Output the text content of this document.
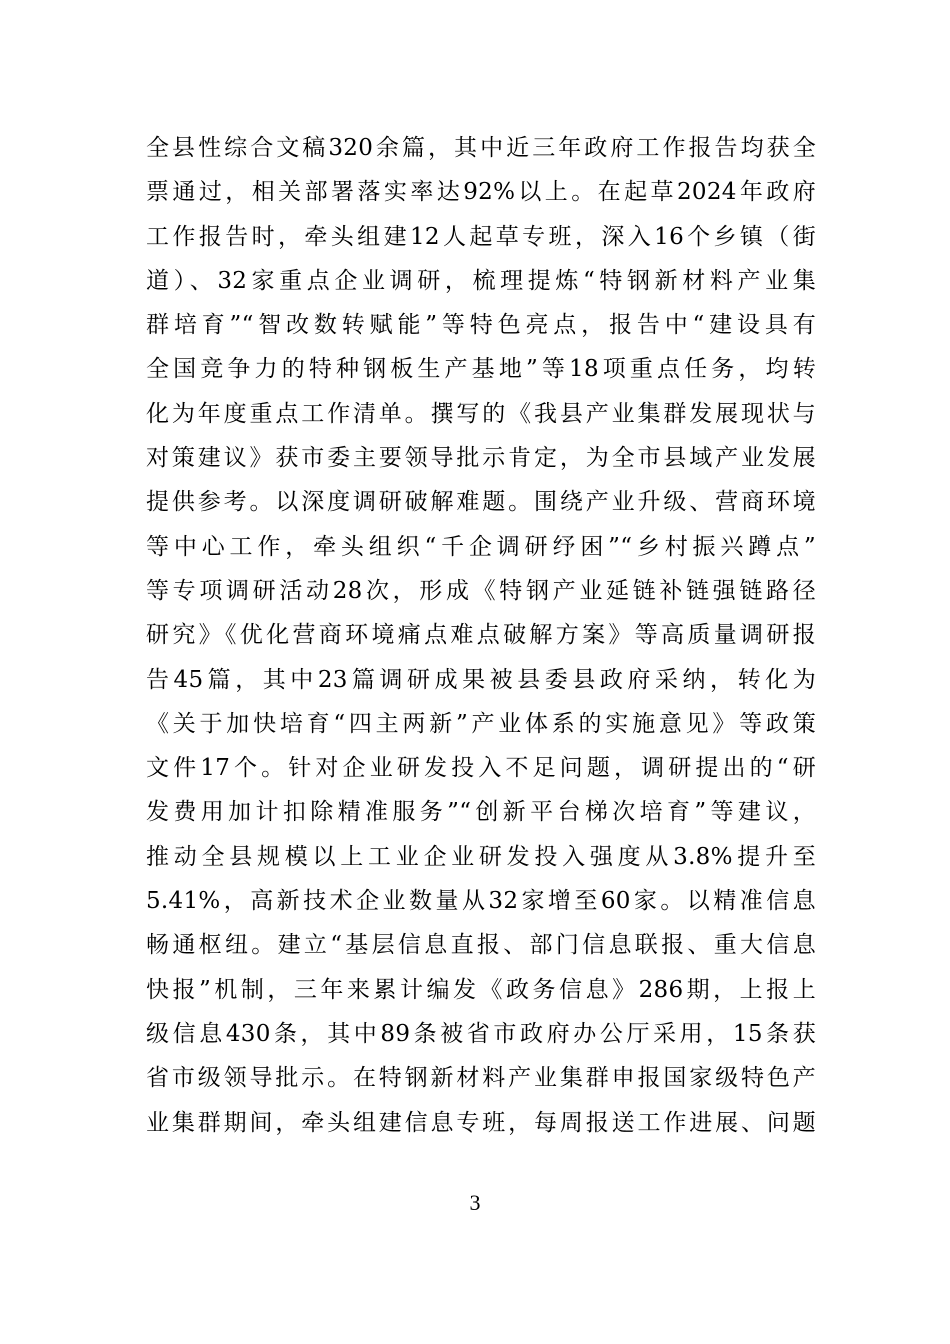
全县性综合文稿320余篇，其中近三年政府工作报告均获全
票通过，相关部署落实率达92%以上。在起草2024年政府
工作报告时，牵头组建12人起草专班，深入16个乡镇（街
道）、32家重点企业调研，梳理提炼“特钢新材料产业集
群培育”“智改数转赋能”等特色亮点，报告中“建设具有
全国竞争力的特种钢板生产基地”等18项重点任务，均转
化为年度重点工作清单。撰写的《我县产业集群发展现状与
对策建议》获市委主要领导批示肯定，为全市县域产业发展
提供参考。以深度调研破解难题。围绕产业升级、营商环境
等中心工作，牵头组织“千企调研纾困”“乡村振兴蹲点”
等专项调研活动28次，形成《特钢产业延链补链强链路径
研究》《优化营商环境痛点难点破解方案》等高质量调研报
告45篇，其中23篇调研成果被县委县政府采纳，转化为
《关于加快培育“四主两新”产业体系的实施意见》等政策
文件17个。针对企业研发投入不足问题，调研提出的“研
发费用加计扣除精准服务”“创新平台梯次培育”等建议，
推动全县规模以上工业企业研发投入强度从3.8%提升至
5.41%，高新技术企业数量从32家增至60家。以精准信息
畅通枢纽。建立“基层信息直报、部门信息联报、重大信息
快报”机制，三年来累计编发《政务信息》286期，上报上
级信息430条，其中89条被省市政府办公厅采用，15条获
省市级领导批示。在特钢新材料产业集群申报国家级特色产
业集群期间，牵头组建信息专班，每周报送工作进展、问题
3
